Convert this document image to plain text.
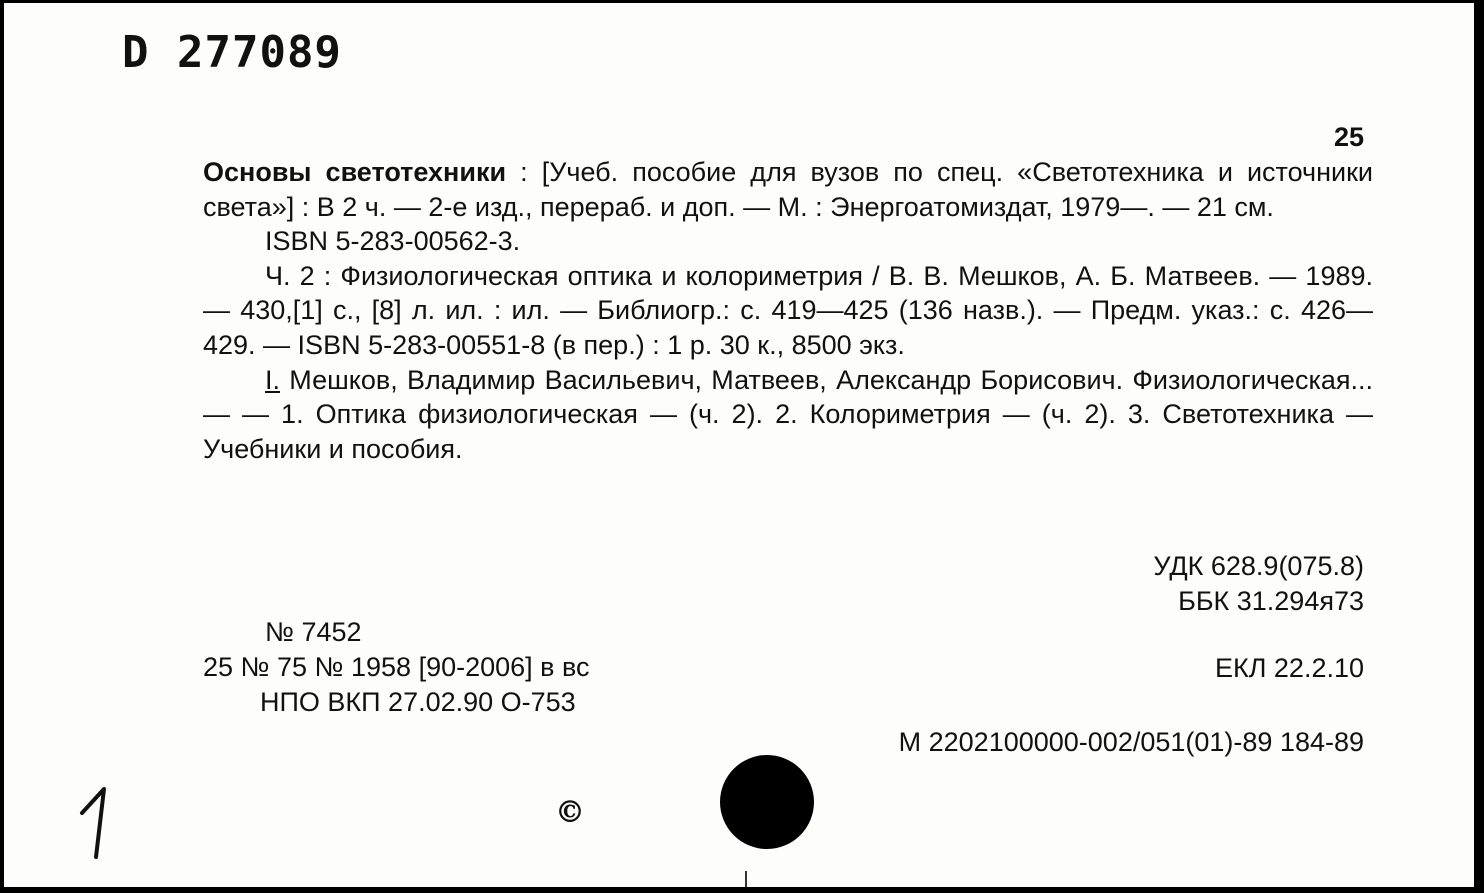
D 277089
25

Основы светотехники : [Учеб. пособие для вузов по спец. «Светотехника и источники света»] : В 2 ч. — 2-е изд., перераб. и доп. — М. : Энергоатомиздат, 1979—. — 21 см.

ISBN 5-283-00562-3.

Ч. 2 : Физиологическая оптика и колориметрия / В. В. Мешков, А. Б. Матвеев. — 1989. — 430,[1] с., [8] л. ил. : ил. — Библиогр.: с. 419—425 (136 назв.). — Предм. указ.: с. 426—429. — ISBN 5-283-00551-8 (в пер.) : 1 р. 30 к., 8500 экз.

I. Мешков, Владимир Васильевич, Матвеев, Александр Борисович. Физиологическая... — — 1. Оптика физиологическая — (ч. 2). 2. Колориметрия — (ч. 2). 3. Светотехника — Учебники и пособия.

УДК 628.9(075.8)
ББК 31.294я73
№ 7452
25 № 75 № 1958 [90-2006] в вс
НПО ВКП 27.02.90 О-753
ЕКЛ 22.2.10
М 2202100000-002/051(01)-89 184-89
©
